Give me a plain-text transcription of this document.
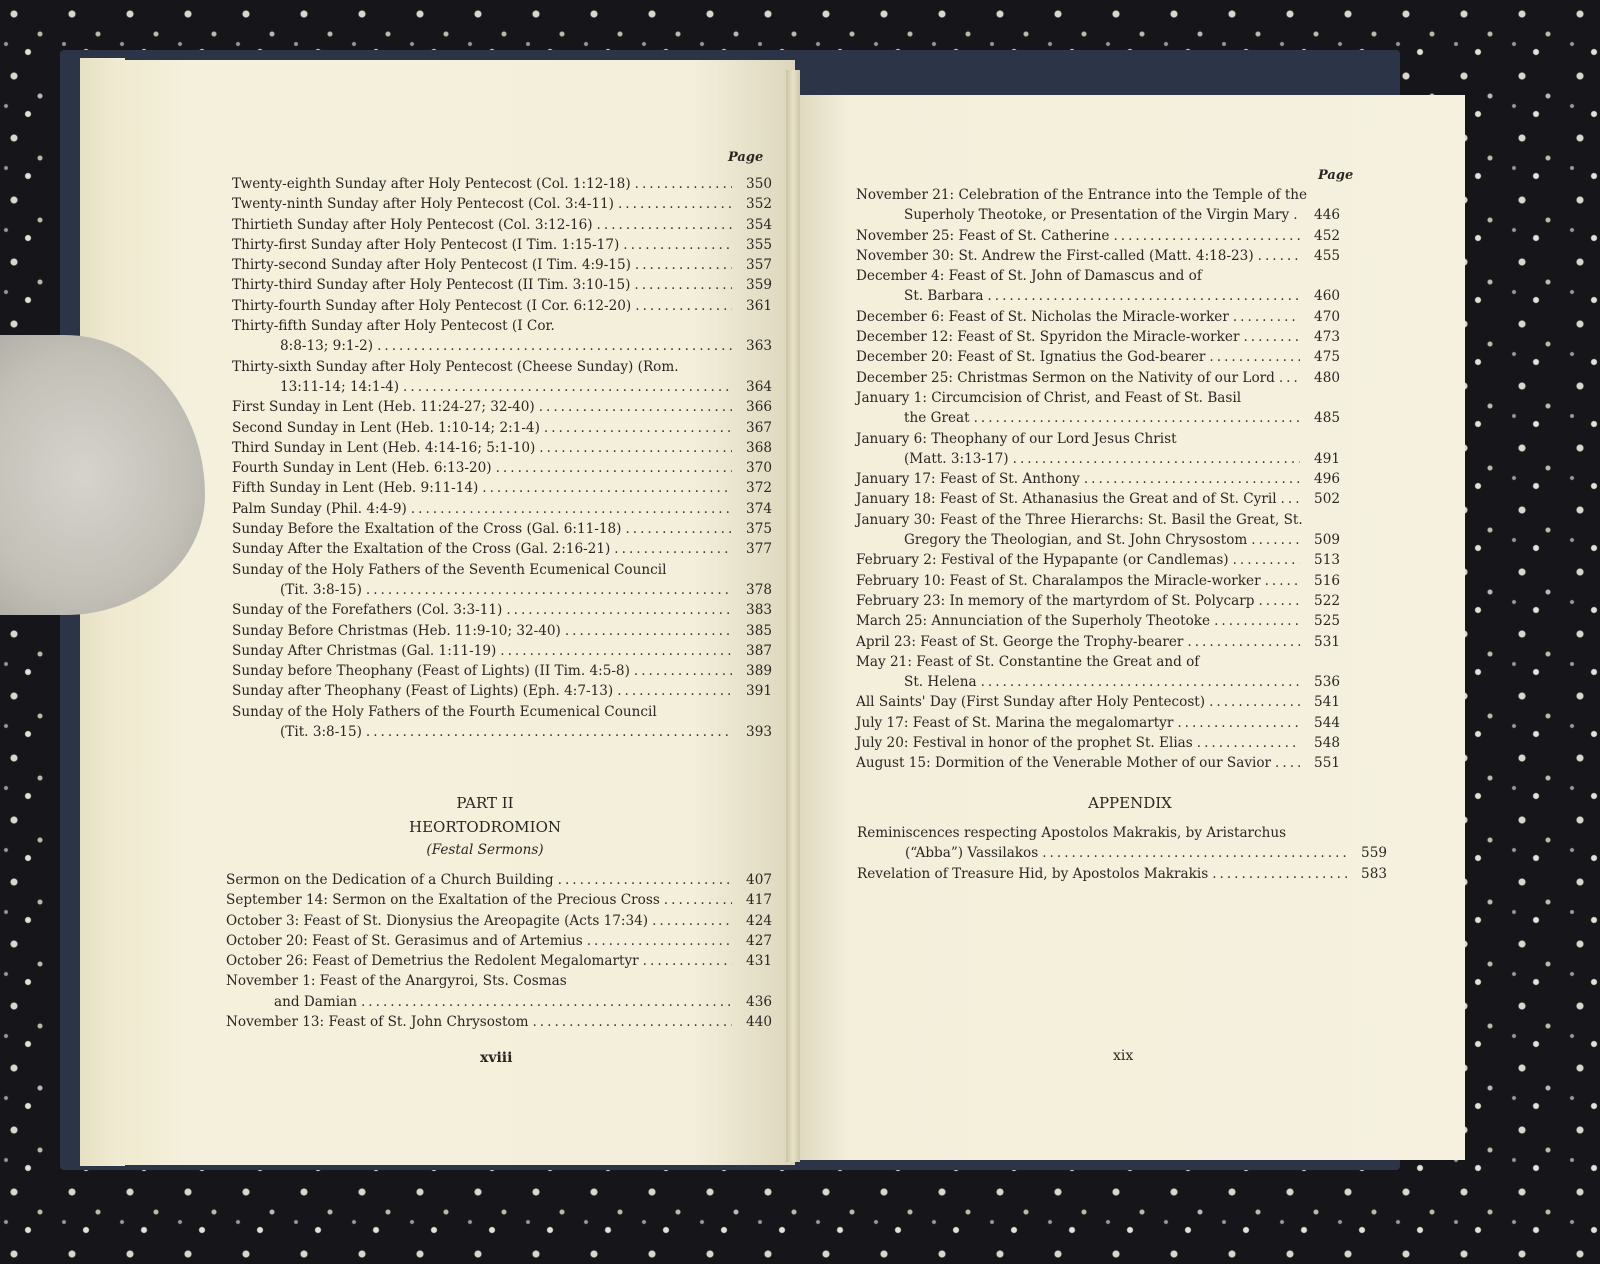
Page
Twenty-eighth Sunday after Holy Pentecost (Col. 1:12-18) .....	350
Twenty-ninth Sunday after Holy Pentecost (Col. 3:4-11) .....	352
Thirtieth Sunday after Holy Pentecost (Col. 3:12-16) .....	354
Thirty-first Sunday after Holy Pentecost (I Tim. 1:15-17) .....	355
Thirty-second Sunday after Holy Pentecost (I Tim. 4:9-15) .....	357
Thirty-third Sunday after Holy Pentecost (II Tim. 3:10-15) .....	359
Thirty-fourth Sunday after Holy Pentecost (I Cor. 6:12-20) .....	361
Thirty-fifth Sunday after Holy Pentecost (I Cor.
8:8-13; 9:1-2) .....	363
Thirty-sixth Sunday after Holy Pentecost (Cheese Sunday) (Rom.
13:11-14; 14:1-4) .....	364
First Sunday in Lent (Heb. 11:24-27; 32-40) .....	366
Second Sunday in Lent (Heb. 1:10-14; 2:1-4) .....	367
Third Sunday in Lent (Heb. 4:14-16; 5:1-10) .....	368
Fourth Sunday in Lent (Heb. 6:13-20) .....	370
Fifth Sunday in Lent (Heb. 9:11-14) .....	372
Palm Sunday (Phil. 4:4-9) .....	374
Sunday Before the Exaltation of the Cross (Gal. 6:11-18) .....	375
Sunday After the Exaltation of the Cross (Gal. 2:16-21) .....	377
Sunday of the Holy Fathers of the Seventh Ecumenical Council
(Tit. 3:8-15) .....	378
Sunday of the Forefathers (Col. 3:3-11) .....	383
Sunday Before Christmas (Heb. 11:9-10; 32-40) .....	385
Sunday After Christmas (Gal. 1:11-19) .....	387
Sunday before Theophany (Feast of Lights) (II Tim. 4:5-8) .....	389
Sunday after Theophany (Feast of Lights) (Eph. 4:7-13) .....	391
Sunday of the Holy Fathers of the Fourth Ecumenical Council
(Tit. 3:8-15) .....	393
PART II
HEORTODROMION
(Festal Sermons)
Sermon on the Dedication of a Church Building .....	407
September 14: Sermon on the Exaltation of the Precious Cross .....	417
October 3: Feast of St. Dionysius the Areopagite (Acts 17:34) .....	424
October 20: Feast of St. Gerasimus and of Artemius .....	427
October 26: Feast of Demetrius the Redolent Megalomartyr .....	431
November 1: Feast of the Anargyroi, Sts. Cosmas
and Damian .....	436
November 13: Feast of St. John Chrysostom .....	440
xviii
Page
November 21: Celebration of the Entrance into the Temple of the
Superholy Theotoke, or Presentation of the Virgin Mary .....	446
November 25: Feast of St. Catherine .....	452
November 30: St. Andrew the First-called (Matt. 4:18-23) .....	455
December 4: Feast of St. John of Damascus and of
St. Barbara .....	460
December 6: Feast of St. Nicholas the Miracle-worker .....	470
December 12: Feast of St. Spyridon the Miracle-worker .....	473
December 20: Feast of St. Ignatius the God-bearer .....	475
December 25: Christmas Sermon on the Nativity of our Lord .....	480
January 1: Circumcision of Christ, and Feast of St. Basil
the Great .....	485
January 6: Theophany of our Lord Jesus Christ
(Matt. 3:13-17) .....	491
January 17: Feast of St. Anthony .....	496
January 18: Feast of St. Athanasius the Great and of St. Cyril .....	502
January 30: Feast of the Three Hierarchs: St. Basil the Great, St.
Gregory the Theologian, and St. John Chrysostom .....	509
February 2: Festival of the Hypapante (or Candlemas) .....	513
February 10: Feast of St. Charalampos the Miracle-worker .....	516
February 23: In memory of the martyrdom of St. Polycarp .....	522
March 25: Annunciation of the Superholy Theotoke .....	525
April 23: Feast of St. George the Trophy-bearer .....	531
May 21: Feast of St. Constantine the Great and of
St. Helena .....	536
All Saints' Day (First Sunday after Holy Pentecost) .....	541
July 17: Feast of St. Marina the megalomartyr .....	544
July 20: Festival in honor of the prophet St. Elias .....	548
August 15: Dormition of the Venerable Mother of our Savior .....	551
APPENDIX
Reminiscences respecting Apostolos Makrakis, by Aristarchus
(“Abba”) Vassilakos .....	559
Revelation of Treasure Hid, by Apostolos Makrakis .....	583
xix
